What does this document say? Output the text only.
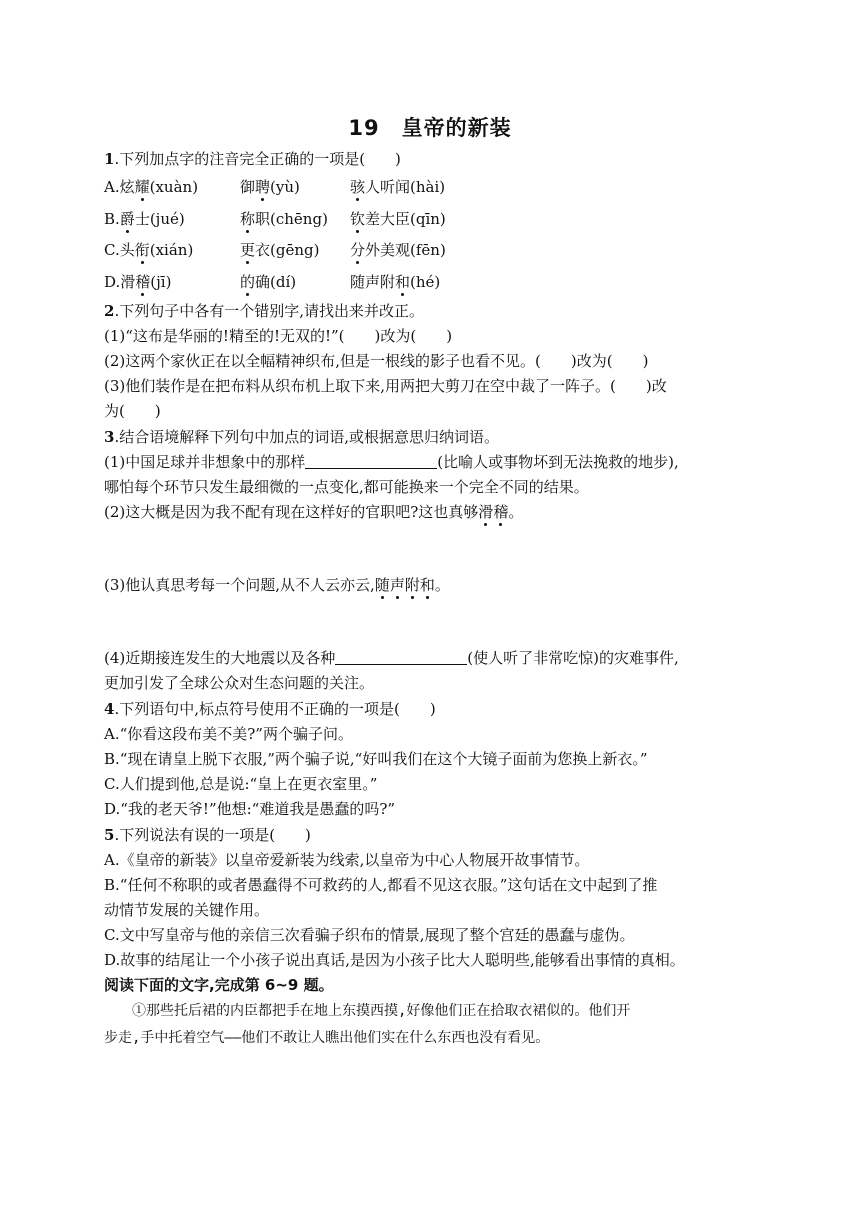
19　皇帝的新装
1.下列加点字的注音完全正确的一项是(　　)
A.炫耀(xuàn)	御聘(yù)	骇人听闻(hài)
B.爵士(jué)	称职(chēng)	钦差大臣(qīn)
C.头衔(xián)	更衣(gēng)	分外美观(fēn)
D.滑稽(jī)	的确(dí)	随声附和(hé)
2.下列句子中各有一个错别字,请找出来并改正。
(1)“这布是华丽的!精至的!无双的!”(　　)改为(　　)
(2)这两个家伙正在以全幅精神织布,但是一根线的影子也看不见。(　　)改为(　　)
(3)他们装作是在把布料从织布机上取下来,用两把大剪刀在空中裁了一阵子。(　　)改
为(　　)
3.结合语境解释下列句中加点的词语,或根据意思归纳词语。
(1)中国足球并非想象中的那样	(比喻人或事物坏到无法挽救的地步),
哪怕每个环节只发生最细微的一点变化,都可能换来一个完全不同的结果。
(2)这大概是因为我不配有现在这样好的官职吧?这也真够滑稽。
(3)他认真思考每一个问题,从不人云亦云,随声附和。
(4)近期接连发生的大地震以及各种	(使人听了非常吃惊)的灾难事件,
更加引发了全球公众对生态问题的关注。
4.下列语句中,标点符号使用不正确的一项是(　　)
A.“你看这段布美不美?”两个骗子问。
B.“现在请皇上脱下衣服,”两个骗子说,“好叫我们在这个大镜子面前为您换上新衣。”
C.人们提到他,总是说:“皇上在更衣室里。”
D.“我的老天爷!”他想:“难道我是愚蠢的吗?”
5.下列说法有误的一项是(　　)
A.《皇帝的新装》以皇帝爱新装为线索,以皇帝为中心人物展开故事情节。
B.“任何不称职的或者愚蠢得不可救药的人,都看不见这衣服。”这句话在文中起到了推
动情节发展的关键作用。
C.文中写皇帝与他的亲信三次看骗子织布的情景,展现了整个宫廷的愚蠢与虚伪。
D.故事的结尾让一个小孩子说出真话,是因为小孩子比大人聪明些,能够看出事情的真相。
阅读下面的文字,完成第 6~9 题。
①那些托后裙的内臣都把手在地上东摸西摸,好像他们正在拾取衣裙似的。他们开
步走,手中托着空气——他们不敢让人瞧出他们实在什么东西也没有看见。
